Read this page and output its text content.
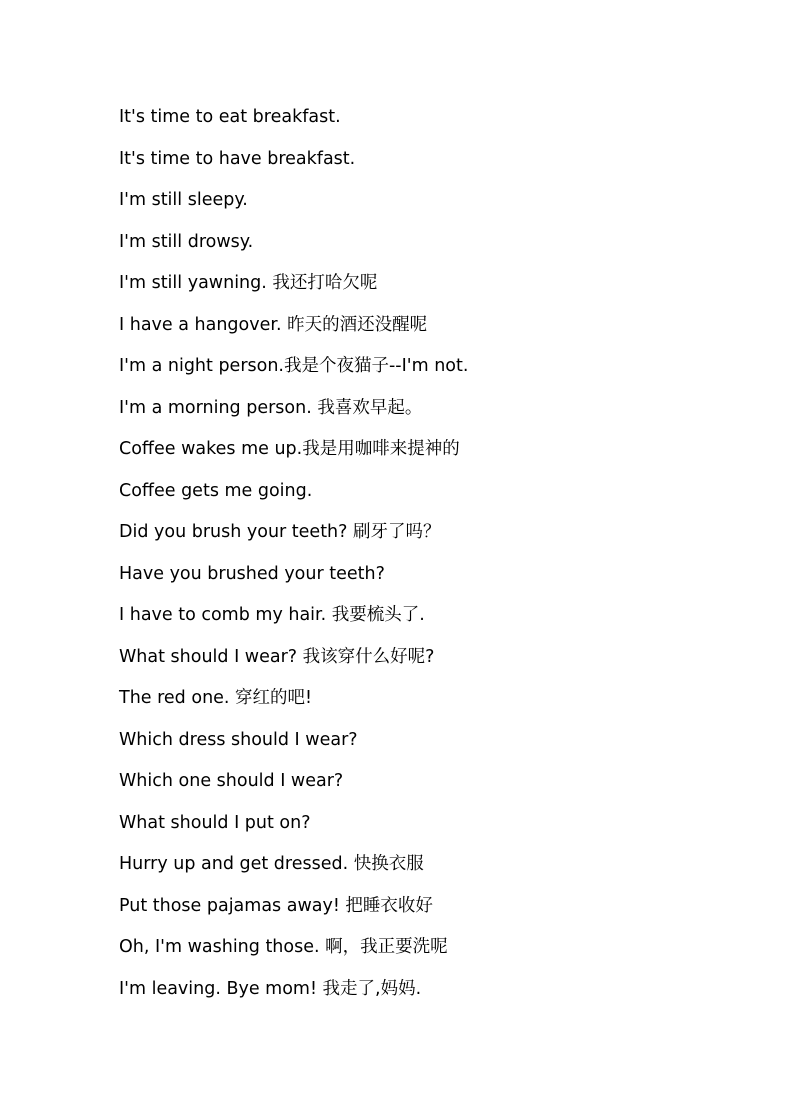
It's time to eat breakfast.
It's time to have breakfast.
I'm still sleepy.
I'm still drowsy.
I'm still yawning. 我还打哈欠呢
I have a hangover. 昨天的酒还没醒呢
I'm a night person.我是个夜猫子--I'm not.
I'm a morning person. 我喜欢早起。
Coffee wakes me up.我是用咖啡来提神的
Coffee gets me going.
Did you brush your teeth? 刷牙了吗？
Have you brushed your teeth?
I have to comb my hair. 我要梳头了.
What should I wear? 我该穿什么好呢?
The red one. 穿红的吧!
Which dress should I wear?
Which one should I wear?
What should I put on?
Hurry up and get dressed. 快换衣服
Put those pajamas away! 把睡衣收好
Oh, I'm washing those. 啊，我正要洗呢
I'm leaving. Bye mom! 我走了,妈妈.
